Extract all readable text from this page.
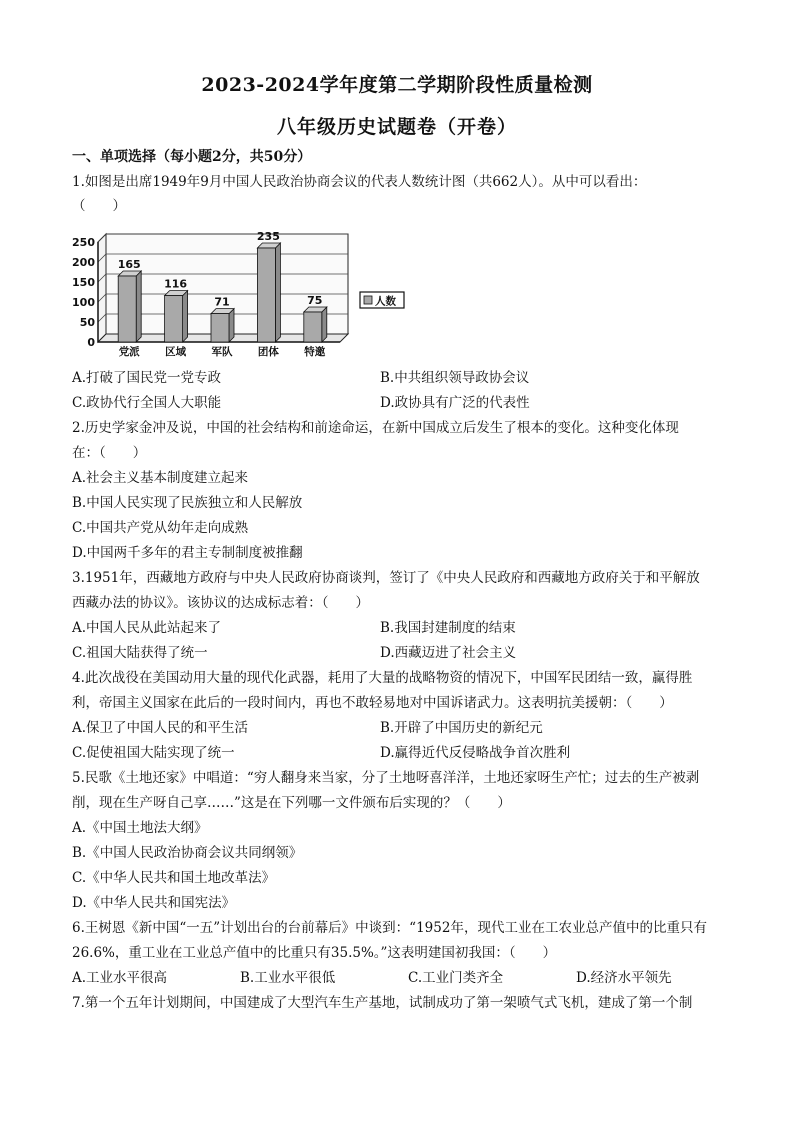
2023-2024学年度第二学期阶段性质量检测
八年级历史试题卷（开卷）
一、单项选择（每小题2分，共50分）
1.如图是出席1949年9月中国人民政治协商会议的代表人数统计图（共662人）。从中可以看出：
（　　）
0
50
100
150
200
250
165
党派
116
区域
71
军队
235
团体
75
特邀
人数
A.打破了国民党一党专政	B.中共组织领导政协会议
C.政协代行全国人大职能	D.政协具有广泛的代表性
2.历史学家金冲及说，中国的社会结构和前途命运，在新中国成立后发生了根本的变化。这种变化体现
在：（　　）
A.社会主义基本制度建立起来
B.中国人民实现了民族独立和人民解放
C.中国共产党从幼年走向成熟
D.中国两千多年的君主专制制度被推翻
3.1951年，西藏地方政府与中央人民政府协商谈判，签订了《中央人民政府和西藏地方政府关于和平解放
西藏办法的协议》。该协议的达成标志着：（　　）
A.中国人民从此站起来了	B.我国封建制度的结束
C.祖国大陆获得了统一	D.西藏迈进了社会主义
4.此次战役在美国动用大量的现代化武器，耗用了大量的战略物资的情况下，中国军民团结一致，赢得胜
利，帝国主义国家在此后的一段时间内，再也不敢轻易地对中国诉诸武力。这表明抗美援朝：（　　）
A.保卫了中国人民的和平生活	B.开辟了中国历史的新纪元
C.促使祖国大陆实现了统一	D.赢得近代反侵略战争首次胜利
5.民歌《土地还家》中唱道：“穷人翻身来当家，分了土地呀喜洋洋，土地还家呀生产忙；过去的生产被剥
削，现在生产呀自己享……”这是在下列哪一文件颁布后实现的？（　　）
A.《中国土地法大纲》
B.《中国人民政治协商会议共同纲领》
C.《中华人民共和国土地改革法》
D.《中华人民共和国宪法》
6.王树恩《新中国“一五”计划出台的台前幕后》中谈到：“1952年，现代工业在工农业总产值中的比重只有
26.6%，重工业在工业总产值中的比重只有35.5%。”这表明建国初我国：（　　）
A.工业水平很高	B.工业水平很低	C.工业门类齐全	D.经济水平领先
7.第一个五年计划期间，中国建成了大型汽车生产基地，试制成功了第一架喷气式飞机，建成了第一个制
